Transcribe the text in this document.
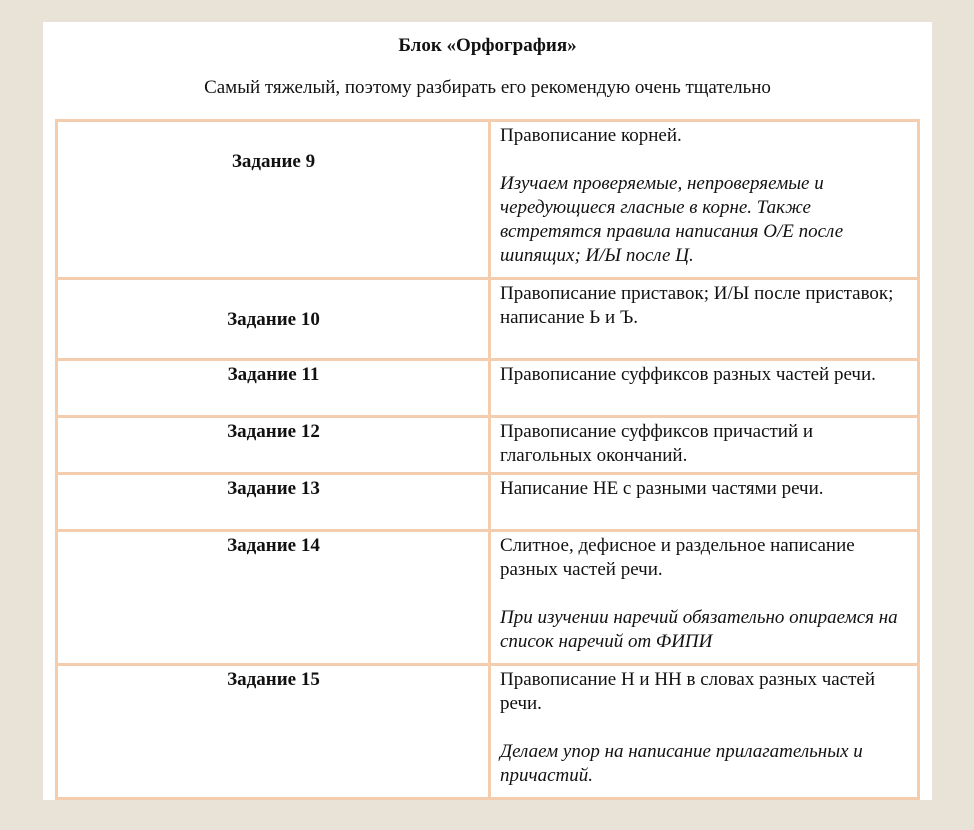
Блок «Орфография»
Самый тяжелый, поэтому разбирать его рекомендую очень тщательно
Задание 9	Правописание корней.
Изучаем проверяемые, непроверяемые и чередующиеся гласные в корне. Также встретятся правила написания О/Е после шипящих; И/Ы после Ц.

Задание 10	Правописание приставок; И/Ы после приставок; написание Ь и Ъ.

Задание 11	Правописание суффиксов разных частей речи.

Задание 12	Правописание суффиксов причастий и глагольных окончаний.

Задание 13	Написание НЕ с разными частями речи.

Задание 14	Слитное, дефисное и раздельное написание разных частей речи.
При изучении наречий обязательно опираемся на список наречий от ФИПИ

Задание 15	Правописание Н и НН в словах разных частей речи.
Делаем упор на написание прилагательных и причастий.
